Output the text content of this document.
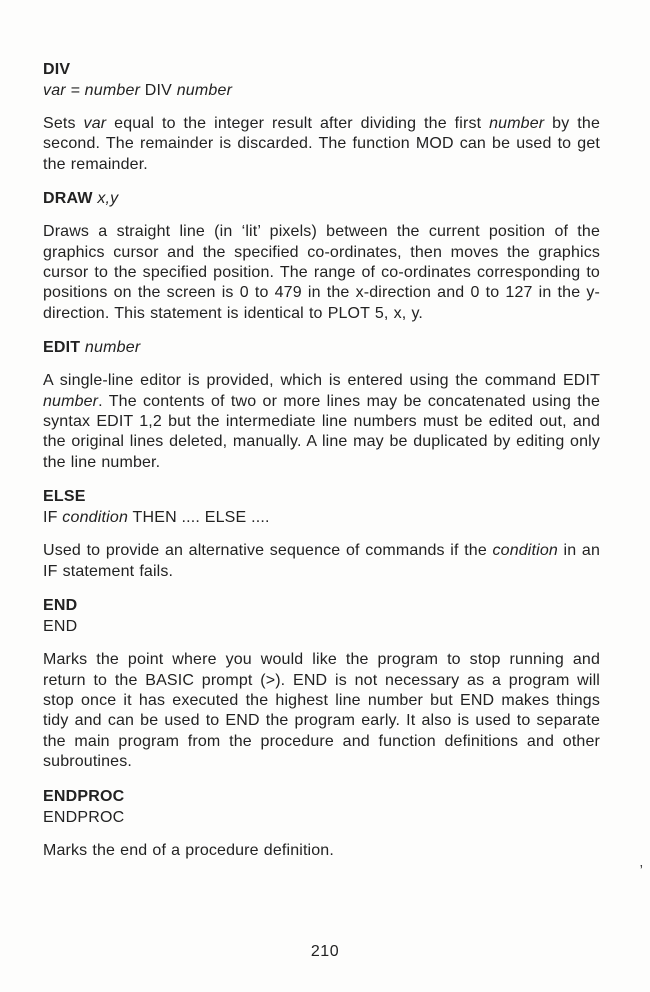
DIV
var = number DIV number

Sets var equal to the integer result after dividing the first number by the second. The remainder is discarded. The function MOD can be used to get the remainder.

DRAW x,y

Draws a straight line (in ‘lit’ pixels) between the current position of the graphics cursor and the specified co-ordinates, then moves the graphics cursor to the specified position. The range of co-ordinates corresponding to positions on the screen is 0 to 479 in the x-direction and 0 to 127 in the y-direction. This statement is identical to PLOT 5, x, y.

EDIT number

A single-line editor is provided, which is entered using the command EDIT number. The contents of two or more lines may be concatenated using the syntax EDIT 1,2 but the intermediate line numbers must be edited out, and the original lines deleted, manually. A line may be duplicated by editing only the line number.

ELSE
IF condition THEN .... ELSE ....

Used to provide an alternative sequence of commands if the condition in an IF statement fails.

END
END

Marks the point where you would like the program to stop running and return to the BASIC prompt (>). END is not necessary as a program will stop once it has executed the highest line number but END makes things tidy and can be used to END the program early. It also is used to separate the main program from the procedure and function definitions and other subroutines.

ENDPROC
ENDPROC

Marks the end of a procedure definition.

210
’
